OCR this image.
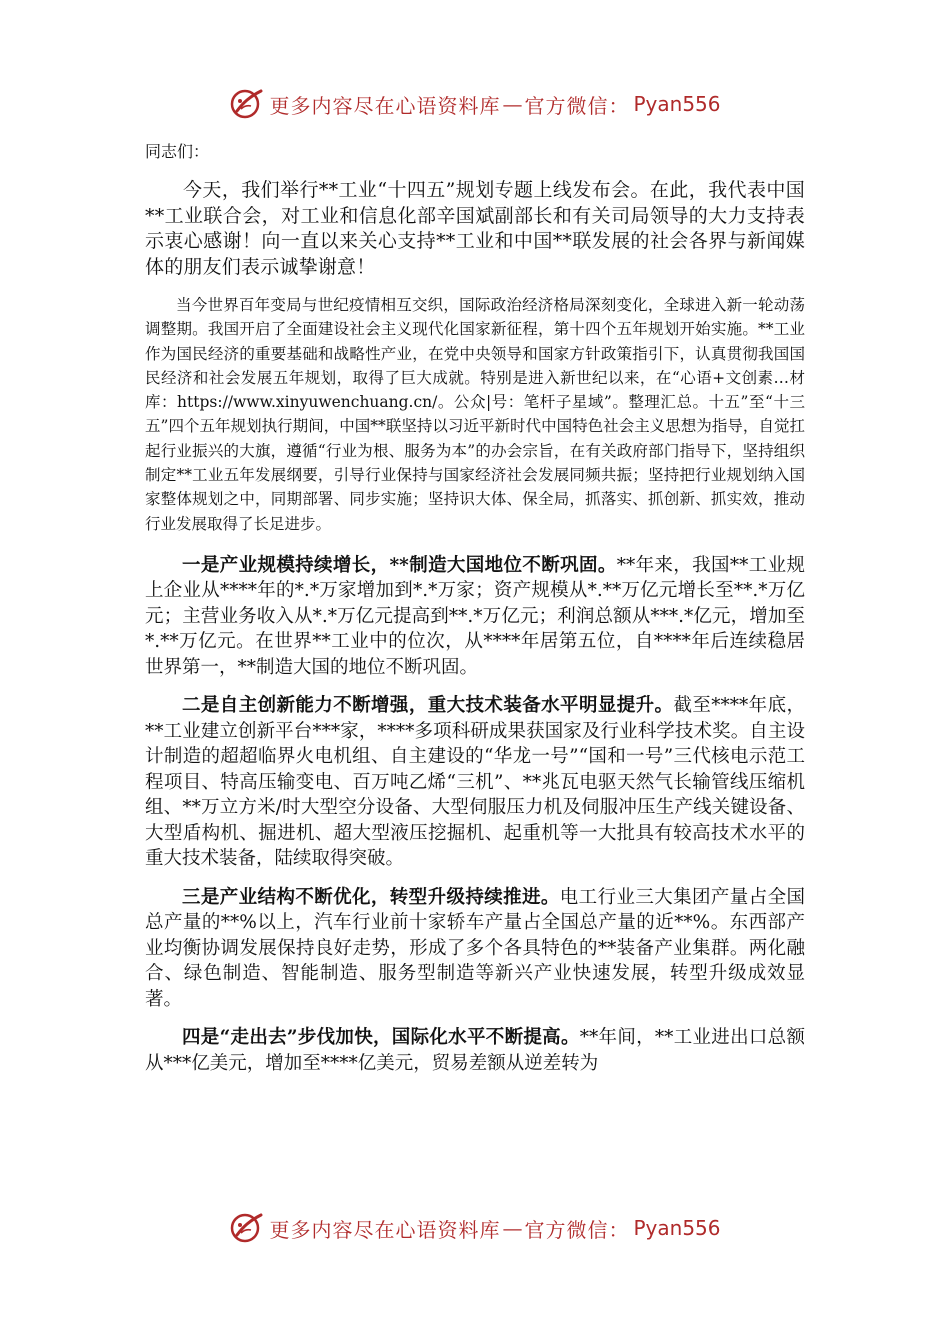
更多内容尽在心语资料库 — 官方微信： Pyan556
同志们：

今天，我们举行**工业“十四五”规划专题上线发布会。在此，我代表中国**工业联合会，对工业和信息化部辛国斌副部长和有关司局领导的大力支持表示衷心感谢！向一直以来关心支持**工业和中国**联发展的社会各界与新闻媒体的朋友们表示诚挚谢意！

当今世界百年变局与世纪疫情相互交织，国际政治经济格局深刻变化，全球进入新一轮动荡调整期。我国开启了全面建设社会主义现代化国家新征程，第十四个五年规划开始实施。**工业作为国民经济的重要基础和战略性产业，在党中央领导和国家方针政策指引下，认真贯彻我国国民经济和社会发展五年规划，取得了巨大成就。特别是进入新世纪以来，在“心语+文创素…材库：https://www.xinyuwenchuang.cn/。公众|号：笔杆子星域”。整理汇总。十五”至“十三五”四个五年规划执行期间，中国**联坚持以习近平新时代中国特色社会主义思想为指导，自觉扛起行业振兴的大旗，遵循“行业为根、服务为本”的办会宗旨，在有关政府部门指导下，坚持组织制定**工业五年发展纲要，引导行业保持与国家经济社会发展同频共振；坚持把行业规划纳入国家整体规划之中，同期部署、同步实施；坚持识大体、保全局，抓落实、抓创新、抓实效，推动行业发展取得了长足进步。

一是产业规模持续增长，**制造大国地位不断巩固。**年来，我国**工业规上企业从****年的*.*万家增加到*.*万家；资产规模从*.**万亿元增长至**.*万亿元；主营业务收入从*.*万亿元提高到**.*万亿元；利润总额从***.*亿元，增加至*.**万亿元。在世界**工业中的位次，从****年居第五位，自****年后连续稳居世界第一，**制造大国的地位不断巩固。

二是自主创新能力不断增强，重大技术装备水平明显提升。截至****年底，**工业建立创新平台***家，****多项科研成果获国家及行业科学技术奖。自主设计制造的超超临界火电机组、自主建设的“华龙一号”“国和一号”三代核电示范工程项目、特高压输变电、百万吨乙烯“三机”、**兆瓦电驱天然气长输管线压缩机组、**万立方米/时大型空分设备、大型伺服压力机及伺服冲压生产线关键设备、大型盾构机、掘进机、超大型液压挖掘机、起重机等一大批具有较高技术水平的重大技术装备，陆续取得突破。

三是产业结构不断优化，转型升级持续推进。电工行业三大集团产量占全国总产量的**%以上，汽车行业前十家轿车产量占全国总产量的近**%。东西部产业均衡协调发展保持良好走势，形成了多个各具特色的**装备产业集群。两化融合、绿色制造、智能制造、服务型制造等新兴产业快速发展，转型升级成效显著。

四是“走出去”步伐加快，国际化水平不断提高。**年间，**工业进出口总额从***亿美元，增加至****亿美元，贸易差额从逆差转为

更多内容尽在心语资料库 — 官方微信： Pyan556
